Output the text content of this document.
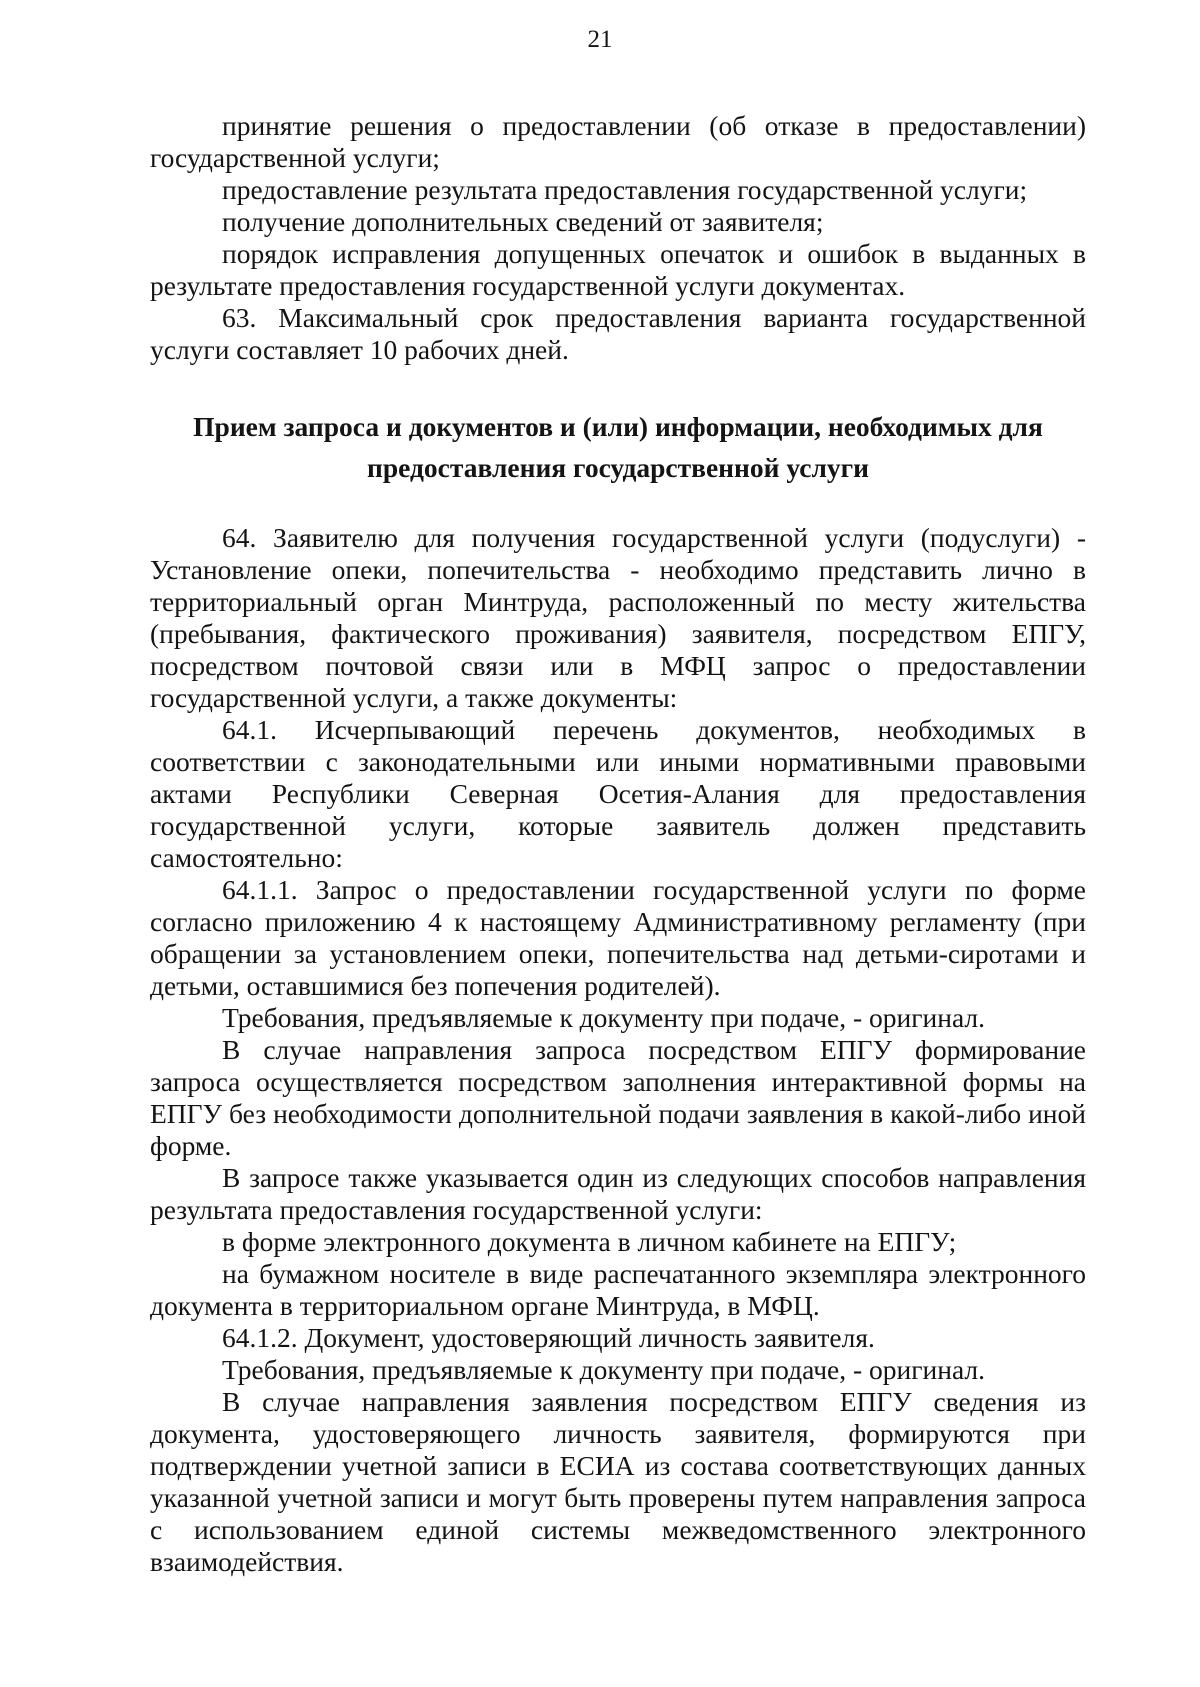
21

принятие решения о предоставлении (об отказе в предоставлении) государственной услуги;

предоставление результата предоставления государственной услуги;

получение дополнительных сведений от заявителя;

порядок исправления допущенных опечаток и ошибок в выданных в результате предоставления государственной услуги документах.

63. Максимальный срок предоставления варианта государственной услуги составляет 10 рабочих дней.

Прием запроса и документов и (или) информации, необходимых для
предоставления государственной услуги

64. Заявителю для получения государственной услуги (подуслуги) - Установление опеки, попечительства - необходимо представить лично в территориальный орган Минтруда, расположенный по месту жительства (пребывания, фактического проживания) заявителя, посредством ЕПГУ, посредством почтовой связи или в МФЦ запрос о предоставлении государственной услуги, а также документы:

64.1. Исчерпывающий перечень документов, необходимых в соответствии с законодательными или иными нормативными правовыми актами Республики Северная Осетия-Алания для предоставления государственной услуги, которые заявитель должен представить самостоятельно:

64.1.1. Запрос о предоставлении государственной услуги по форме согласно приложению 4 к настоящему Административному регламенту (при обращении за установлением опеки, попечительства над детьми-сиротами и детьми, оставшимися без попечения родителей).

Требования, предъявляемые к документу при подаче, - оригинал.

В случае направления запроса посредством ЕПГУ формирование запроса осуществляется посредством заполнения интерактивной формы на ЕПГУ без необходимости дополнительной подачи заявления в какой-либо иной форме.

В запросе также указывается один из следующих способов направления результата предоставления государственной услуги:

в форме электронного документа в личном кабинете на ЕПГУ;

на бумажном носителе в виде распечатанного экземпляра электронного документа в территориальном органе Минтруда, в МФЦ.

64.1.2. Документ, удостоверяющий личность заявителя.

Требования, предъявляемые к документу при подаче, - оригинал.

В случае направления заявления посредством ЕПГУ сведения из документа, удостоверяющего личность заявителя, формируются при подтверждении учетной записи в ЕСИА из состава соответствующих данных указанной учетной записи и могут быть проверены путем направления запроса с использованием единой системы межведомственного электронного взаимодействия.
